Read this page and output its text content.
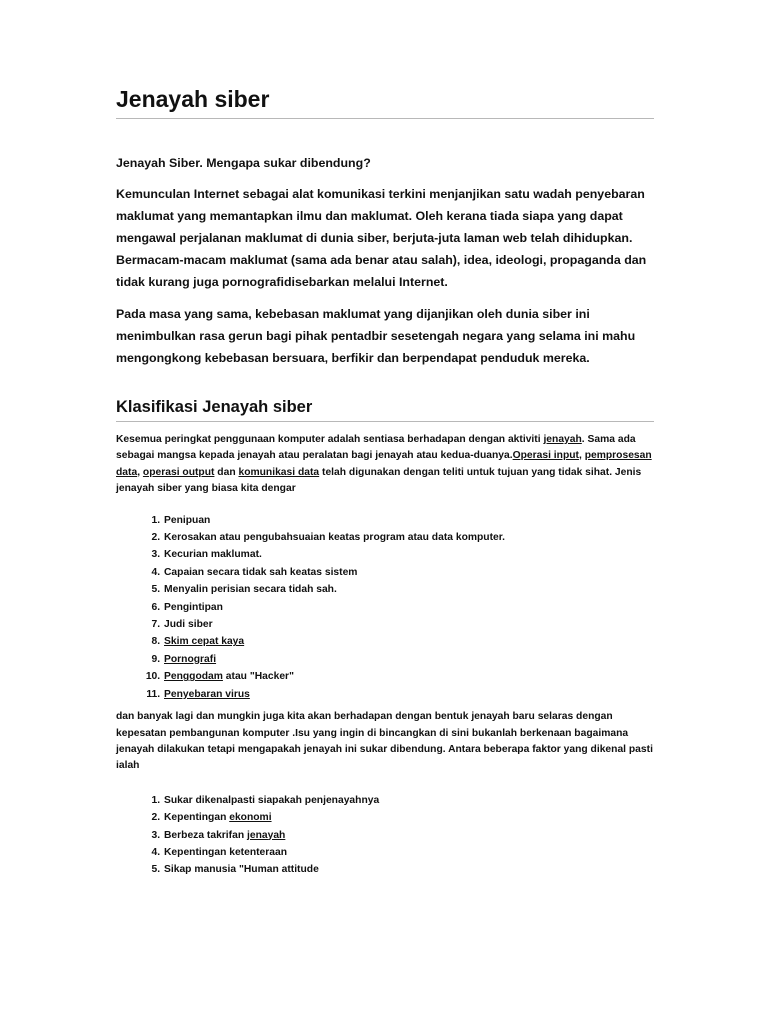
Jenayah siber

Jenayah Siber. Mengapa sukar dibendung?

Kemunculan Internet sebagai alat komunikasi terkini menjanjikan satu wadah penyebaran maklumat yang memantapkan ilmu dan maklumat. Oleh kerana tiada siapa yang dapat mengawal perjalanan maklumat di dunia siber, berjuta-juta laman web telah dihidupkan. Bermacam-macam maklumat (sama ada benar atau salah), idea, ideologi, propaganda dan tidak kurang juga pornografidisebarkan melalui Internet.

Pada masa yang sama, kebebasan maklumat yang dijanjikan oleh dunia siber ini menimbulkan rasa gerun bagi pihak pentadbir sesetengah negara yang selama ini mahu mengongkong kebebasan bersuara, berfikir dan berpendapat penduduk mereka.

Klasifikasi Jenayah siber

Kesemua peringkat penggunaan komputer adalah sentiasa berhadapan dengan aktiviti jenayah. Sama ada sebagai mangsa kepada jenayah atau peralatan bagi jenayah atau kedua-duanya.Operasi input, pemprosesan data, operasi output dan komunikasi data telah digunakan dengan teliti untuk tujuan yang tidak sihat. Jenis jenayah siber yang biasa kita dengar

1. Penipuan
2. Kerosakan atau pengubahsuaian keatas program atau data komputer.
3. Kecurian maklumat.
4. Capaian secara tidak sah keatas sistem
5. Menyalin perisian secara tidah sah.
6. Pengintipan
7. Judi siber
8. Skim cepat kaya
9. Pornografi
10. Penggodam atau "Hacker"
11. Penyebaran virus

dan banyak lagi dan mungkin juga kita akan berhadapan dengan bentuk jenayah baru selaras dengan kepesatan pembangunan komputer .Isu yang ingin di bincangkan di sini bukanlah berkenaan bagaimana jenayah dilakukan tetapi mengapakah jenayah ini sukar dibendung. Antara beberapa faktor yang dikenal pasti ialah

1. Sukar dikenalpasti siapakah penjenayahnya
2. Kepentingan ekonomi
3. Berbeza takrifan jenayah
4. Kepentingan ketenteraan
5. Sikap manusia "Human attitude
